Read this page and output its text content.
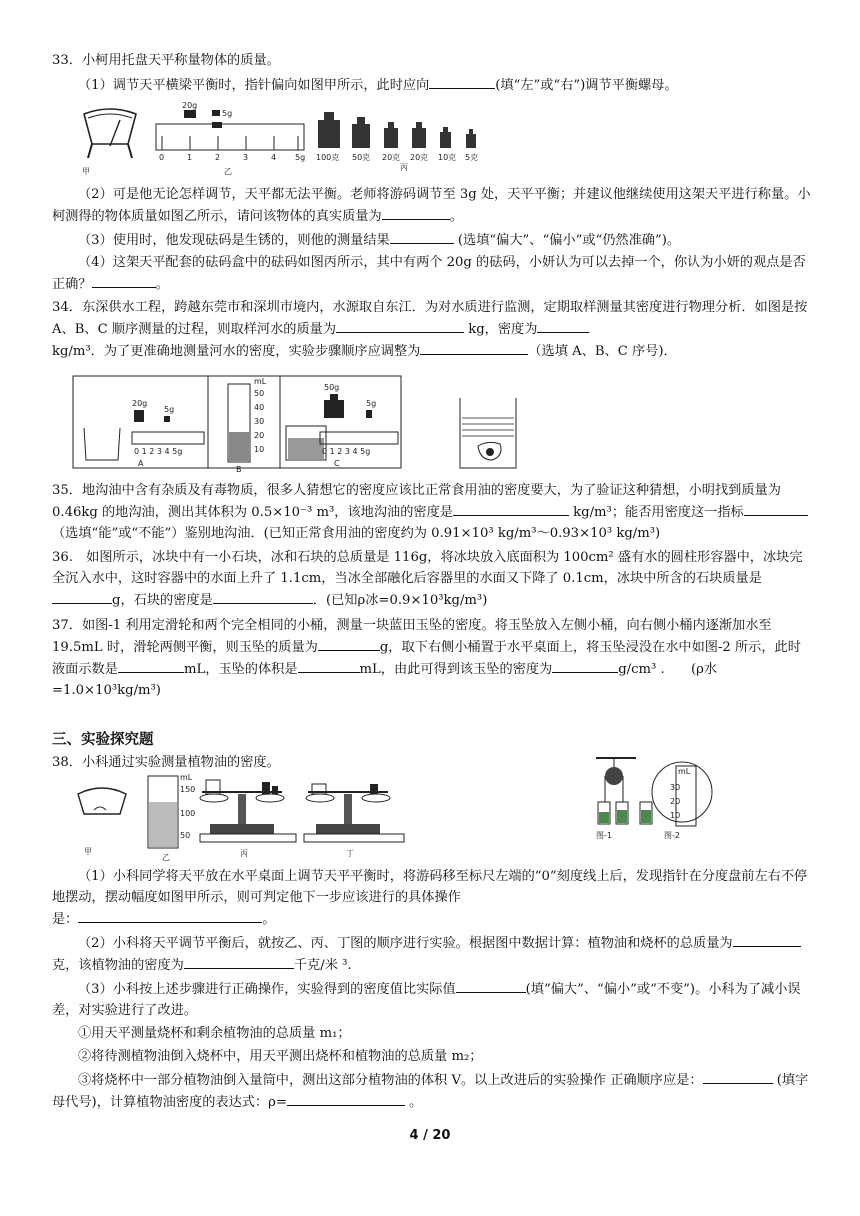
33．小柯用托盘天平称量物体的质量。

（1）调节天平横梁平衡时，指针偏向如图甲所示，此时应向	(填“左”或“右”)调节平衡螺母。

甲
20g
5g
0	1	2	3	4 5g
乙
100克 50克 20克 20克 10克 5克
丙

（2）可是他无论怎样调节，天平都无法平衡。老师将游码调节至 3g 处，天平平衡；并建议他继续使用这架天平进行称量。小柯测得的物体质量如图乙所示，请问该物体的真实质量为	。

（3）使用时，他发现砝码是生锈的，则他的测量结果	(选填“偏大”、“偏小”或“仍然准确”)。

（4）这架天平配套的砝码盒中的砝码如图丙所示，其中有两个 20g 的砝码，小妍认为可以去掉一个，你认为小妍的观点是否正确？	。

34．东深供水工程，跨越东莞市和深圳市境内，水源取自东江．为对水质进行监测，定期取样测量其密度进行物理分析．如图是按 A、B、C 顺序测量的过程，则取样河水的质量为	kg，密度为
kg/m³．为了更准确地测量河水的密度，实验步骤顺序应调整为	（选填 A、B、C 序号)．

20g
5g
0 1 2 3 4 5g
A
mL
50
40
30
20
10
B
50g
5g
0 1 2 3 4 5g
C

35．地沟油中含有杂质及有毒物质，很多人猜想它的密度应该比正常食用油的密度要大，为了验证这种猜想，小明找到质量为 0.46kg 的地沟油，测出其体积为 0.5×10⁻³ m³，该地沟油的密度是	kg/m³；能否用密度这一指标（选填“能”或“不能”）鉴别地沟油．(已知正常食用油的密度约为 0.91×10³ kg/m³～0.93×10³ kg/m³)

36.　如图所示，冰块中有一小石块，冰和石块的总质量是 116g，将冰块放入底面积为 100cm² 盛有水的圆柱形容器中，冰块完全沉入水中，这时容器中的水面上升了 1.1cm，当冰全部融化后容器里的水面又下降了 0.1cm，冰块中所含的石块质量是g，石块的密度是	．(已知ρ冰=0.9×10³kg/m³)

37．如图-1 利用定滑轮和两个完全相同的小桶，测量一块蓝田玉坠的密度。将玉坠放入左侧小桶，向右侧小桶内逐渐加水至 19.5mL 时，滑轮两侧平衡，则玉坠的质量为	g，取下右侧小桶置于水平桌面上，将玉坠浸没在水中如图-2 所示，此时液面示数是	mL，玉坠的体积是	mL，由此可得到该玉坠的密度为	g/cm³ .　　(ρ水=1.0×10³kg/m³)

三、实验探究题

38．小科通过实验测量植物油的密度。

图-1
mL
30
20
10
图-2
甲
mL
150
100
50
乙	丙	丁

（1）小科同学将天平放在水平桌面上调节天平平衡时，将游码移至标尺左端的“0”刻度线上后，发现指针在分度盘前左右不停地摆动，摆动幅度如图甲所示，则可判定他下一步应该进行的具体操作
是：	。

（2）小科将天平调节平衡后，就按乙、丙、丁图的顺序进行实验。根据图中数据计算：植物油和烧杯的总质量为克，该植物油的密度为	千克/米 ³.

（3）小科按上述步骤进行正确操作，实验得到的密度值比实际值	(填“偏大”、“偏小”或“不变”)。小科为了减小误差，对实验进行了改进。

①用天平测量烧杯和剩余植物油的总质量 m₁；

②将待测植物油倒入烧杯中，用天平测出烧杯和植物油的总质量 m₂；

③将烧杯中一部分植物油倒入量筒中，测出这部分植物油的体积 V。以上改进后的实验操作 正确顺序应是：	(填字母代号)，计算植物油密度的表达式：ρ=	。

4 / 20
